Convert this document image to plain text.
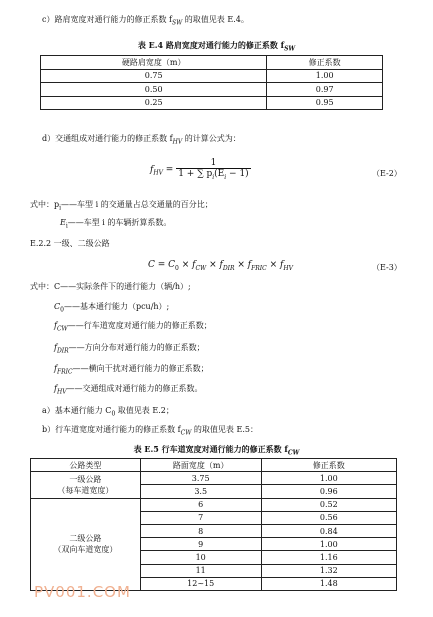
c）路肩宽度对通行能力的修正系数 $f_{SW}$ 的取值见表 E.4。
表 E.4 路肩宽度对通行能力的修正系数 $f_{SW}$
硬路肩宽度（m）	修正系数
0.75	1.00
0.50	0.97
0.25	0.95
d）交通组成对通行能力的修正系数 $f_{HV}$ 的计算公式为：
$f_{HV} = \frac{1}{1 + \sum p_i(E_i - 1)}$	（E-2）
式中：$p_i——$车型 i 的交通量占总交通量的百分比；
$E_i——$车型 i 的车辆折算系数。
E.2.2 一级、二级公路
$C = C_0 \times f_{CW} \times f_{DIR} \times f_{FRIC} \times f_{HV}$	（E-3）
式中：C——实际条件下的通行能力（辆/h）;
$C_0——$基本通行能力（pcu/h）;
$f_{CW}——$行车道宽度对通行能力的修正系数；
$f_{DIR}——$方向分布对通行能力的修正系数；
$f_{FRIC}——$横向干扰对通行能力的修正系数；
$f_{HV}——$交通组成对通行能力的修正系数。
a）基本通行能力 $C_0$ 取值见表 E.2；
b）行车道宽度对通行能力的修正系数 $f_{CW}$ 的取值见表 E.5：
表 E.5 行车道宽度对通行能力的修正系数 $f_{CW}$
公路类型	路面宽度（m）	修正系数

一级公路
（每车道宽度）	3.75	1.00
	3.5	0.96

二级公路
（双向车道宽度）	6	0.52
	7	0.56
	8	0.84
	9	1.00
	10	1.16
	11	1.32
	12~15	1.48
PV001.COM
